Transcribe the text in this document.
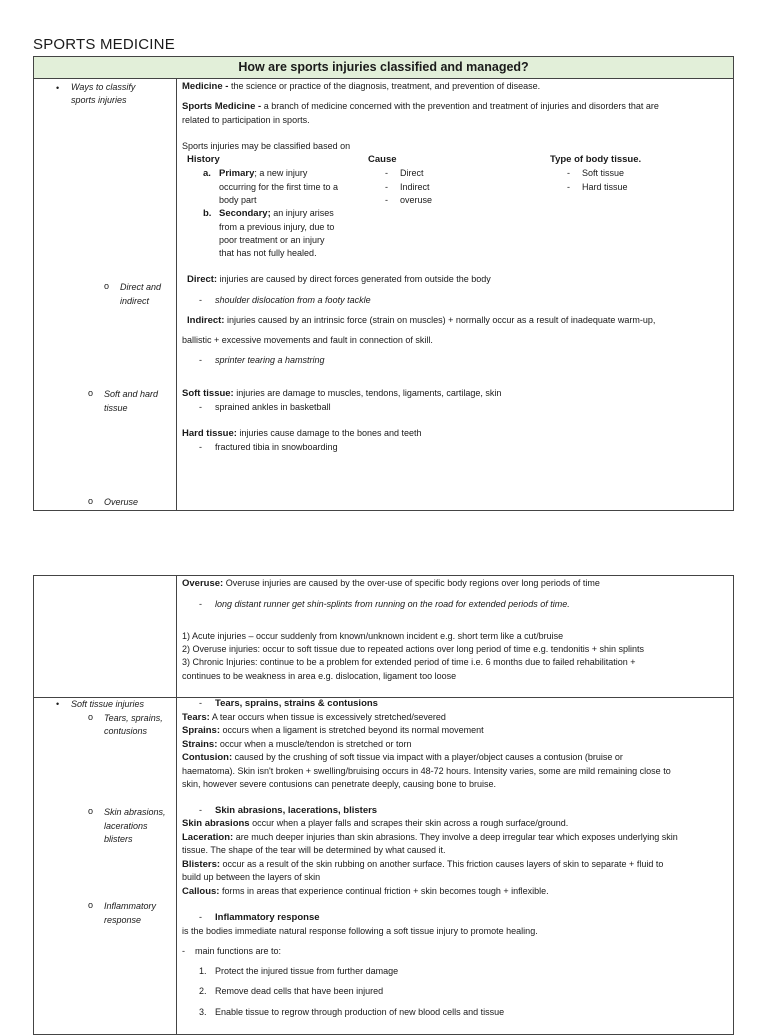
SPORTS MEDICINE
How are sports injuries classified and managed?
• Ways to classify
sports injuries
o Direct and
indirect
o Soft and hard
tissue
o Overuse
Medicine - the science or practice of the diagnosis, treatment, and prevention of disease.
Sports Medicine - a branch of medicine concerned with the prevention and treatment of injuries and disorders that are
related to participation in sports.
Sports injuries may be classified based on
History	Cause	Type of body tissue.
a. Primary; a new injury
occurring for the first time to a
body part
b. Secondary; an injury arises
from a previous injury, due to
poor treatment or an injury
that has not fully healed.
- Direct
- Indirect
- overuse
- Soft tissue
- Hard tissue
Direct: injuries are caused by direct forces generated from outside the body
- shoulder dislocation from a footy tackle
Indirect: injuries caused by an intrinsic force (strain on muscles) + normally occur as a result of inadequate warm-up,
ballistic + excessive movements and fault in connection of skill.
- sprinter tearing a hamstring
Soft tissue: injuries are damage to muscles, tendons, ligaments, cartilage, skin
- sprained ankles in basketball
Hard tissue: injuries cause damage to the bones and teeth
- fractured tibia in snowboarding
Overuse: Overuse injuries are caused by the over-use of specific body regions over long periods of time
- long distant runner get shin-splints from running on the road for extended periods of time.
1) Acute injuries – occur suddenly from known/unknown incident e.g. short term like a cut/bruise
2) Overuse injuries: occur to soft tissue due to repeated actions over long period of time e.g. tendonitis + shin splints
3) Chronic Injuries: continue to be a problem for extended period of time i.e. 6 months due to failed rehabilitation +
continues to be weakness in area e.g. dislocation, ligament too loose
• Soft tissue injuries
o Tears, sprains,
contusions
o Skin abrasions,
lacerations
blisters
o Inflammatory
response
- Tears, sprains, strains & contusions
Tears: A tear occurs when tissue is excessively stretched/severed
Sprains: occurs when a ligament is stretched beyond its normal movement
Strains: occur when a muscle/tendon is stretched or torn
Contusion: caused by the crushing of soft tissue via impact with a player/object causes a contusion (bruise or
haematoma). Skin isn't broken + swelling/bruising occurs in 48-72 hours. Intensity varies, some are mild remaining close to
skin, however severe contusions can penetrate deeply, causing bone to bruise.
- Skin abrasions, lacerations, blisters
Skin abrasions occur when a player falls and scrapes their skin across a rough surface/ground.
Laceration: are much deeper injuries than skin abrasions. They involve a deep irregular tear which exposes underlying skin
tissue. The shape of the tear will be determined by what caused it.
Blisters: occur as a result of the skin rubbing on another surface. This friction causes layers of skin to separate + fluid to
build up between the layers of skin
Callous: forms in areas that experience continual friction + skin becomes tough + inflexible.
- Inflammatory response
is the bodies immediate natural response following a soft tissue injury to promote healing.
- main functions are to:
1. Protect the injured tissue from further damage
2. Remove dead cells that have been injured
3. Enable tissue to regrow through production of new blood cells and tissue
